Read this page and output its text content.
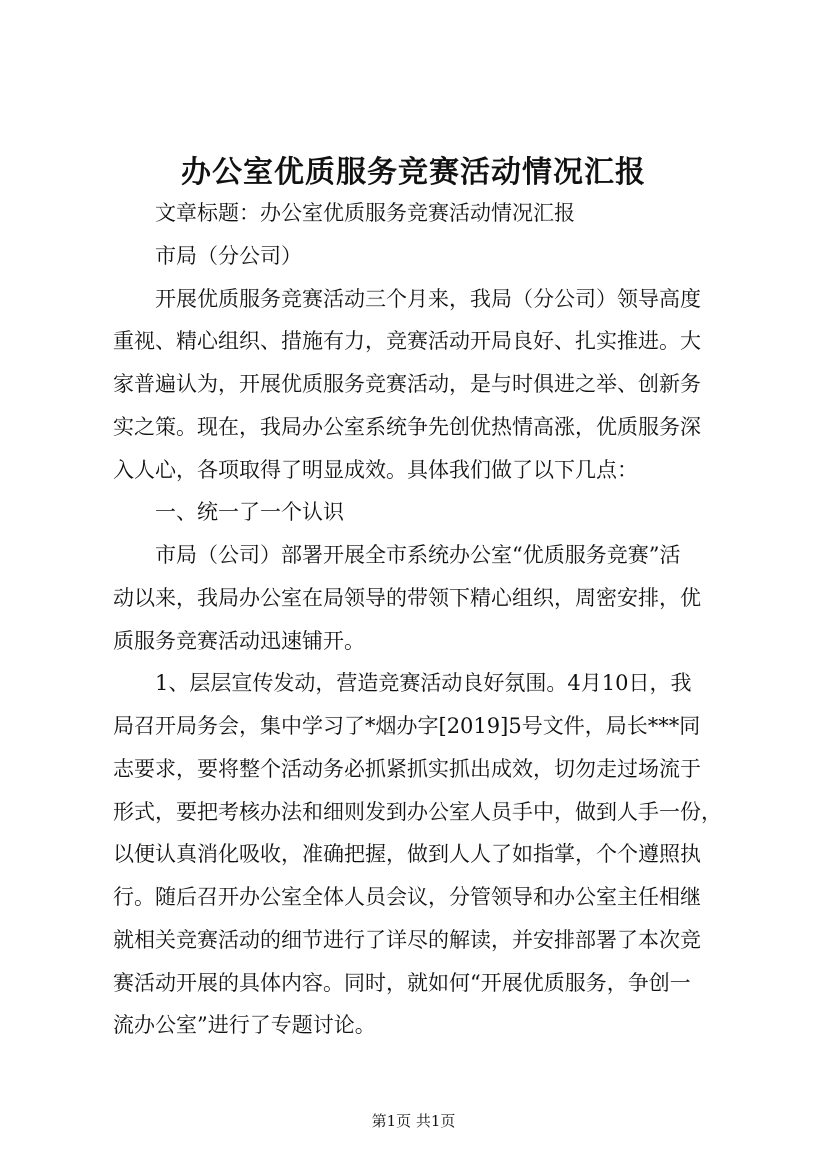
办公室优质服务竞赛活动情况汇报
文章标题：办公室优质服务竞赛活动情况汇报
市局（分公司）
开展优质服务竞赛活动三个月来，我局（分公司）领导高度
重视、精心组织、措施有力，竞赛活动开局良好、扎实推进。大
家普遍认为，开展优质服务竞赛活动，是与时俱进之举、创新务
实之策。现在，我局办公室系统争先创优热情高涨，优质服务深
入人心，各项取得了明显成效。具体我们做了以下几点：
一、统一了一个认识
市局（公司）部署开展全市系统办公室“优质服务竞赛”活
动以来，我局办公室在局领导的带领下精心组织，周密安排，优
质服务竞赛活动迅速铺开。
1、层层宣传发动，营造竞赛活动良好氛围。4月10日，我
局召开局务会，集中学习了*烟办字[2019]5号文件，局长***同
志要求，要将整个活动务必抓紧抓实抓出成效，切勿走过场流于
形式，要把考核办法和细则发到办公室人员手中，做到人手一份，
以便认真消化吸收，准确把握，做到人人了如指掌，个个遵照执
行。随后召开办公室全体人员会议，分管领导和办公室主任相继
就相关竞赛活动的细节进行了详尽的解读，并安排部署了本次竞
赛活动开展的具体内容。同时，就如何“开展优质服务，争创一
流办公室”进行了专题讨论。
第1页 共1页
